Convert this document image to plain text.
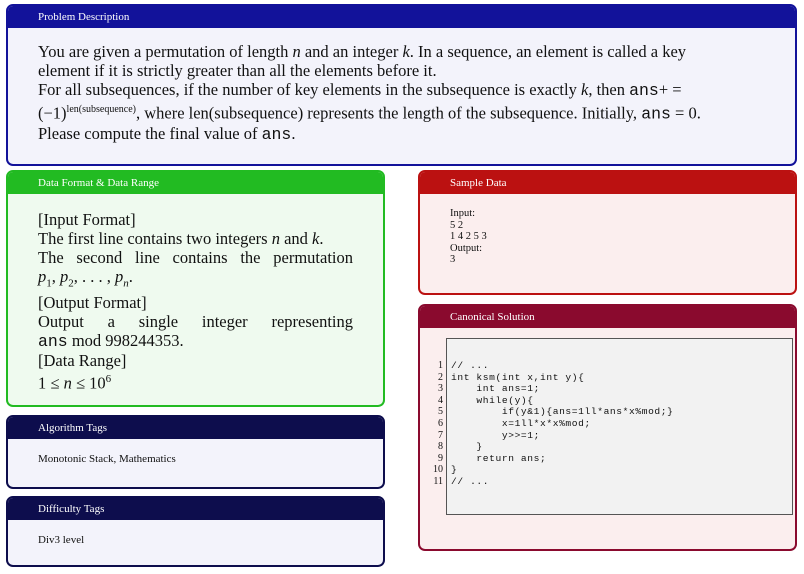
Problem Description
You are given a permutation of length n and an integer k. In a sequence, an element is called a key
element if it is strictly greater than all the elements before it.
For all subsequences, if the number of key elements in the subsequence is exactly k, then ans+ =
$(-1)^{len(subsequence)}$, where len(subsequence) represents the length of the subsequence. Initially, ans = 0.
Please compute the final value of ans.
Data Format & Data Range
[Input Format]
The first line contains two integers n and k.
The second line contains the permutation
$p_1$, $p_2$, . . . , $p_n$.
[Output Format]
Output a single integer representing
ans mod 998244353.
[Data Range]
$1 \le n \le 10^6$
Algorithm Tags
Monotonic Stack, Mathematics
Difficulty Tags
Div3 level
Sample Data
Input:
5 2
1 4 2 5 3
Output:
3
Canonical Solution
1 // ...
2 int ksm(int x,int y){
3 int ans=1;
4 while(y){
5 if(y&1){ans=1ll*ans*x%mod;}
6 x=1ll*x*x%mod;
7 y>>=1;
8 }
9 return ans;
10 }
11 // ...
